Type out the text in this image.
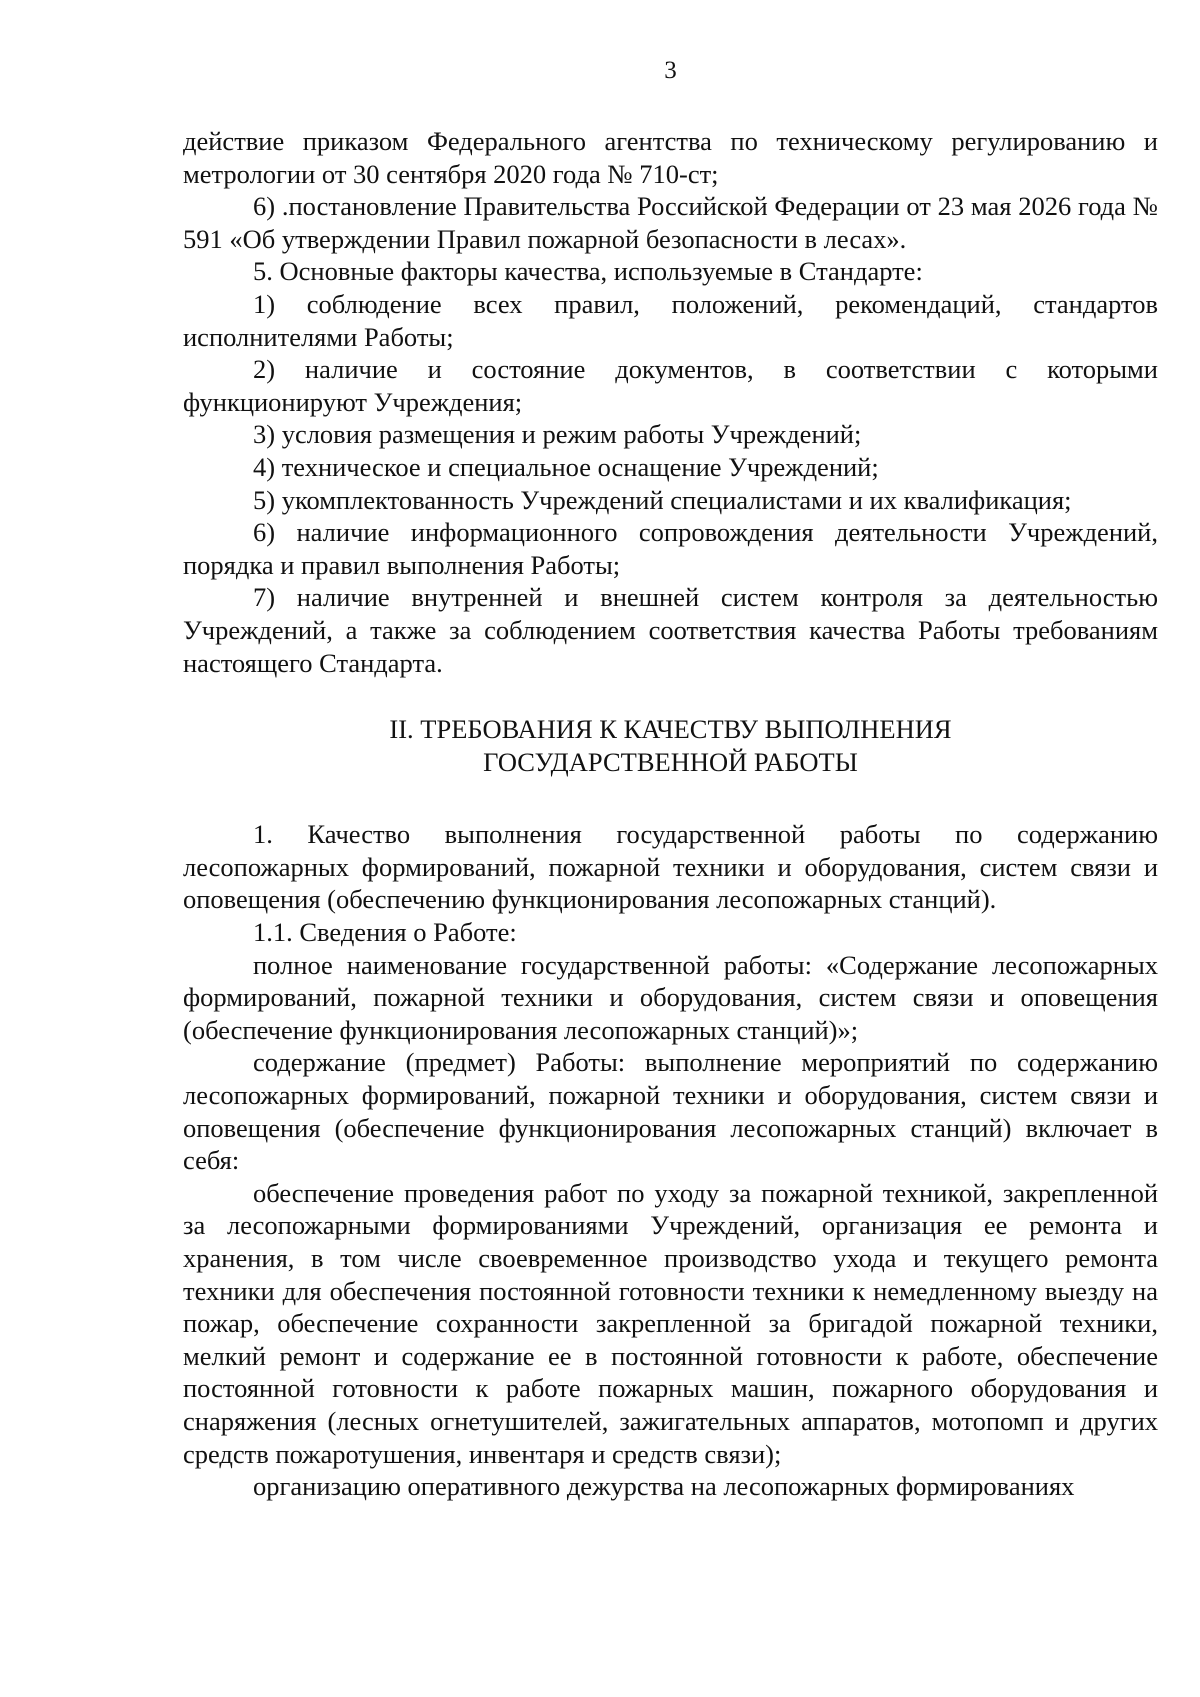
3

действие приказом Федерального агентства по техническому регулированию и метрологии от 30 сентября 2020 года № 710-ст;

6) .постановление Правительства Российской Федерации от 23 мая 2026 года № 591 «Об утверждении Правил пожарной безопасности в лесах».

5. Основные факторы качества, используемые в Стандарте:

1) соблюдение всех правил, положений, рекомендаций, стандартов исполнителями Работы;

2) наличие и состояние документов, в соответствии с которыми функционируют Учреждения;

3) условия размещения и режим работы Учреждений;

4) техническое и специальное оснащение Учреждений;

5) укомплектованность Учреждений специалистами и их квалификация;

6) наличие информационного сопровождения деятельности Учреждений, порядка и правил выполнения Работы;

7) наличие внутренней и внешней систем контроля за деятельностью Учреждений, а также за соблюдением соответствия качества Работы требованиям настоящего Стандарта.

II. ТРЕБОВАНИЯ К КАЧЕСТВУ ВЫПОЛНЕНИЯ
ГОСУДАРСТВЕННОЙ РАБОТЫ

1. Качество выполнения государственной работы по содержанию лесопожарных формирований, пожарной техники и оборудования, систем связи и оповещения (обеспечению функционирования лесопожарных станций).

1.1. Сведения о Работе:

полное наименование государственной работы: «Содержание лесопожарных формирований, пожарной техники и оборудования, систем связи и оповещения (обеспечение функционирования лесопожарных станций)»;

содержание (предмет) Работы: выполнение мероприятий по содержанию лесопожарных формирований, пожарной техники и оборудования, систем связи и оповещения (обеспечение функционирования лесопожарных станций) включает в себя:

обеспечение проведения работ по уходу за пожарной техникой, закрепленной за лесопожарными формированиями Учреждений, организация ее ремонта и хранения, в том числе своевременное производство ухода и текущего ремонта техники для обеспечения постоянной готовности техники к немедленному выезду на пожар, обеспечение сохранности закрепленной за бригадой пожарной техники, мелкий ремонт и содержание ее в постоянной готовности к работе, обеспечение постоянной готовности к работе пожарных машин, пожарного оборудования и снаряжения (лесных огнетушителей, зажигательных аппаратов, мотопомп и других средств пожаротушения, инвентаря и средств связи);

организацию оперативного дежурства на лесопожарных формированиях
